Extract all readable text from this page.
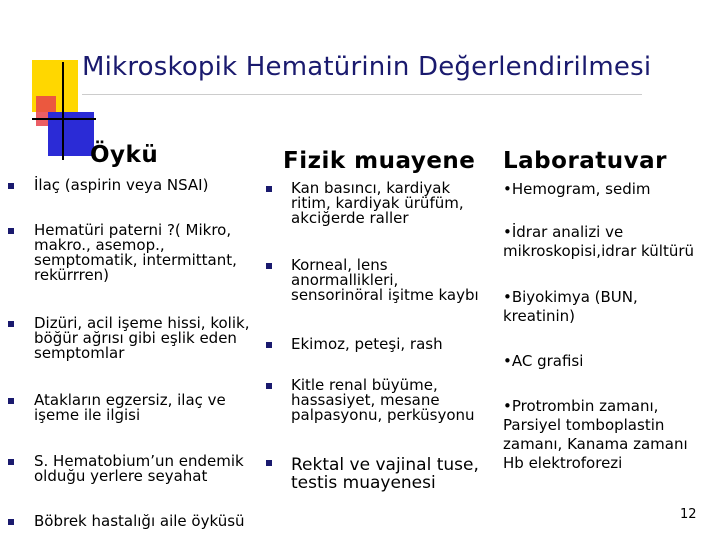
Mikroskopik Hematürinin Değerlendirilmesi
Öykü	Fizik muayene Laboratuvar
İlaç (aspirin veya NSAI)
Hematüri paterni ?( Mikro,
makro., asemop.,
semptomatik, intermittant,
rekürrren)
Dizüri, acil işeme hissi, kolik,
böğür ağrısı gibi eşlik eden
semptomlar
Atakların egzersiz, ilaç ve
işeme ile ilgisi
S. Hematobium’un endemik
olduğu yerlere seyahat
Böbrek hastalığı aile öyküsü
Kan basıncı, kardiyak
ritim, kardiyak ürüfüm,
akciğerde raller
Korneal, lens
anormallikleri,
sensorinöral işitme kaybı
Ekimoz, peteşi, rash
Kitle renal büyüme,
hassasiyet, mesane
palpasyonu, perküsyonu
Rektal ve vajinal tuse,
testis muayenesi
•Hemogram, sedim
•İdrar analizi ve
mikroskopisi,idrar kültürü
•Biyokimya (BUN,
kreatinin)
•AC grafisi
•Protrombin zamanı,
Parsiyel tomboplastin
zamanı, Kanama zamanı
Hb elektroforezi
12
